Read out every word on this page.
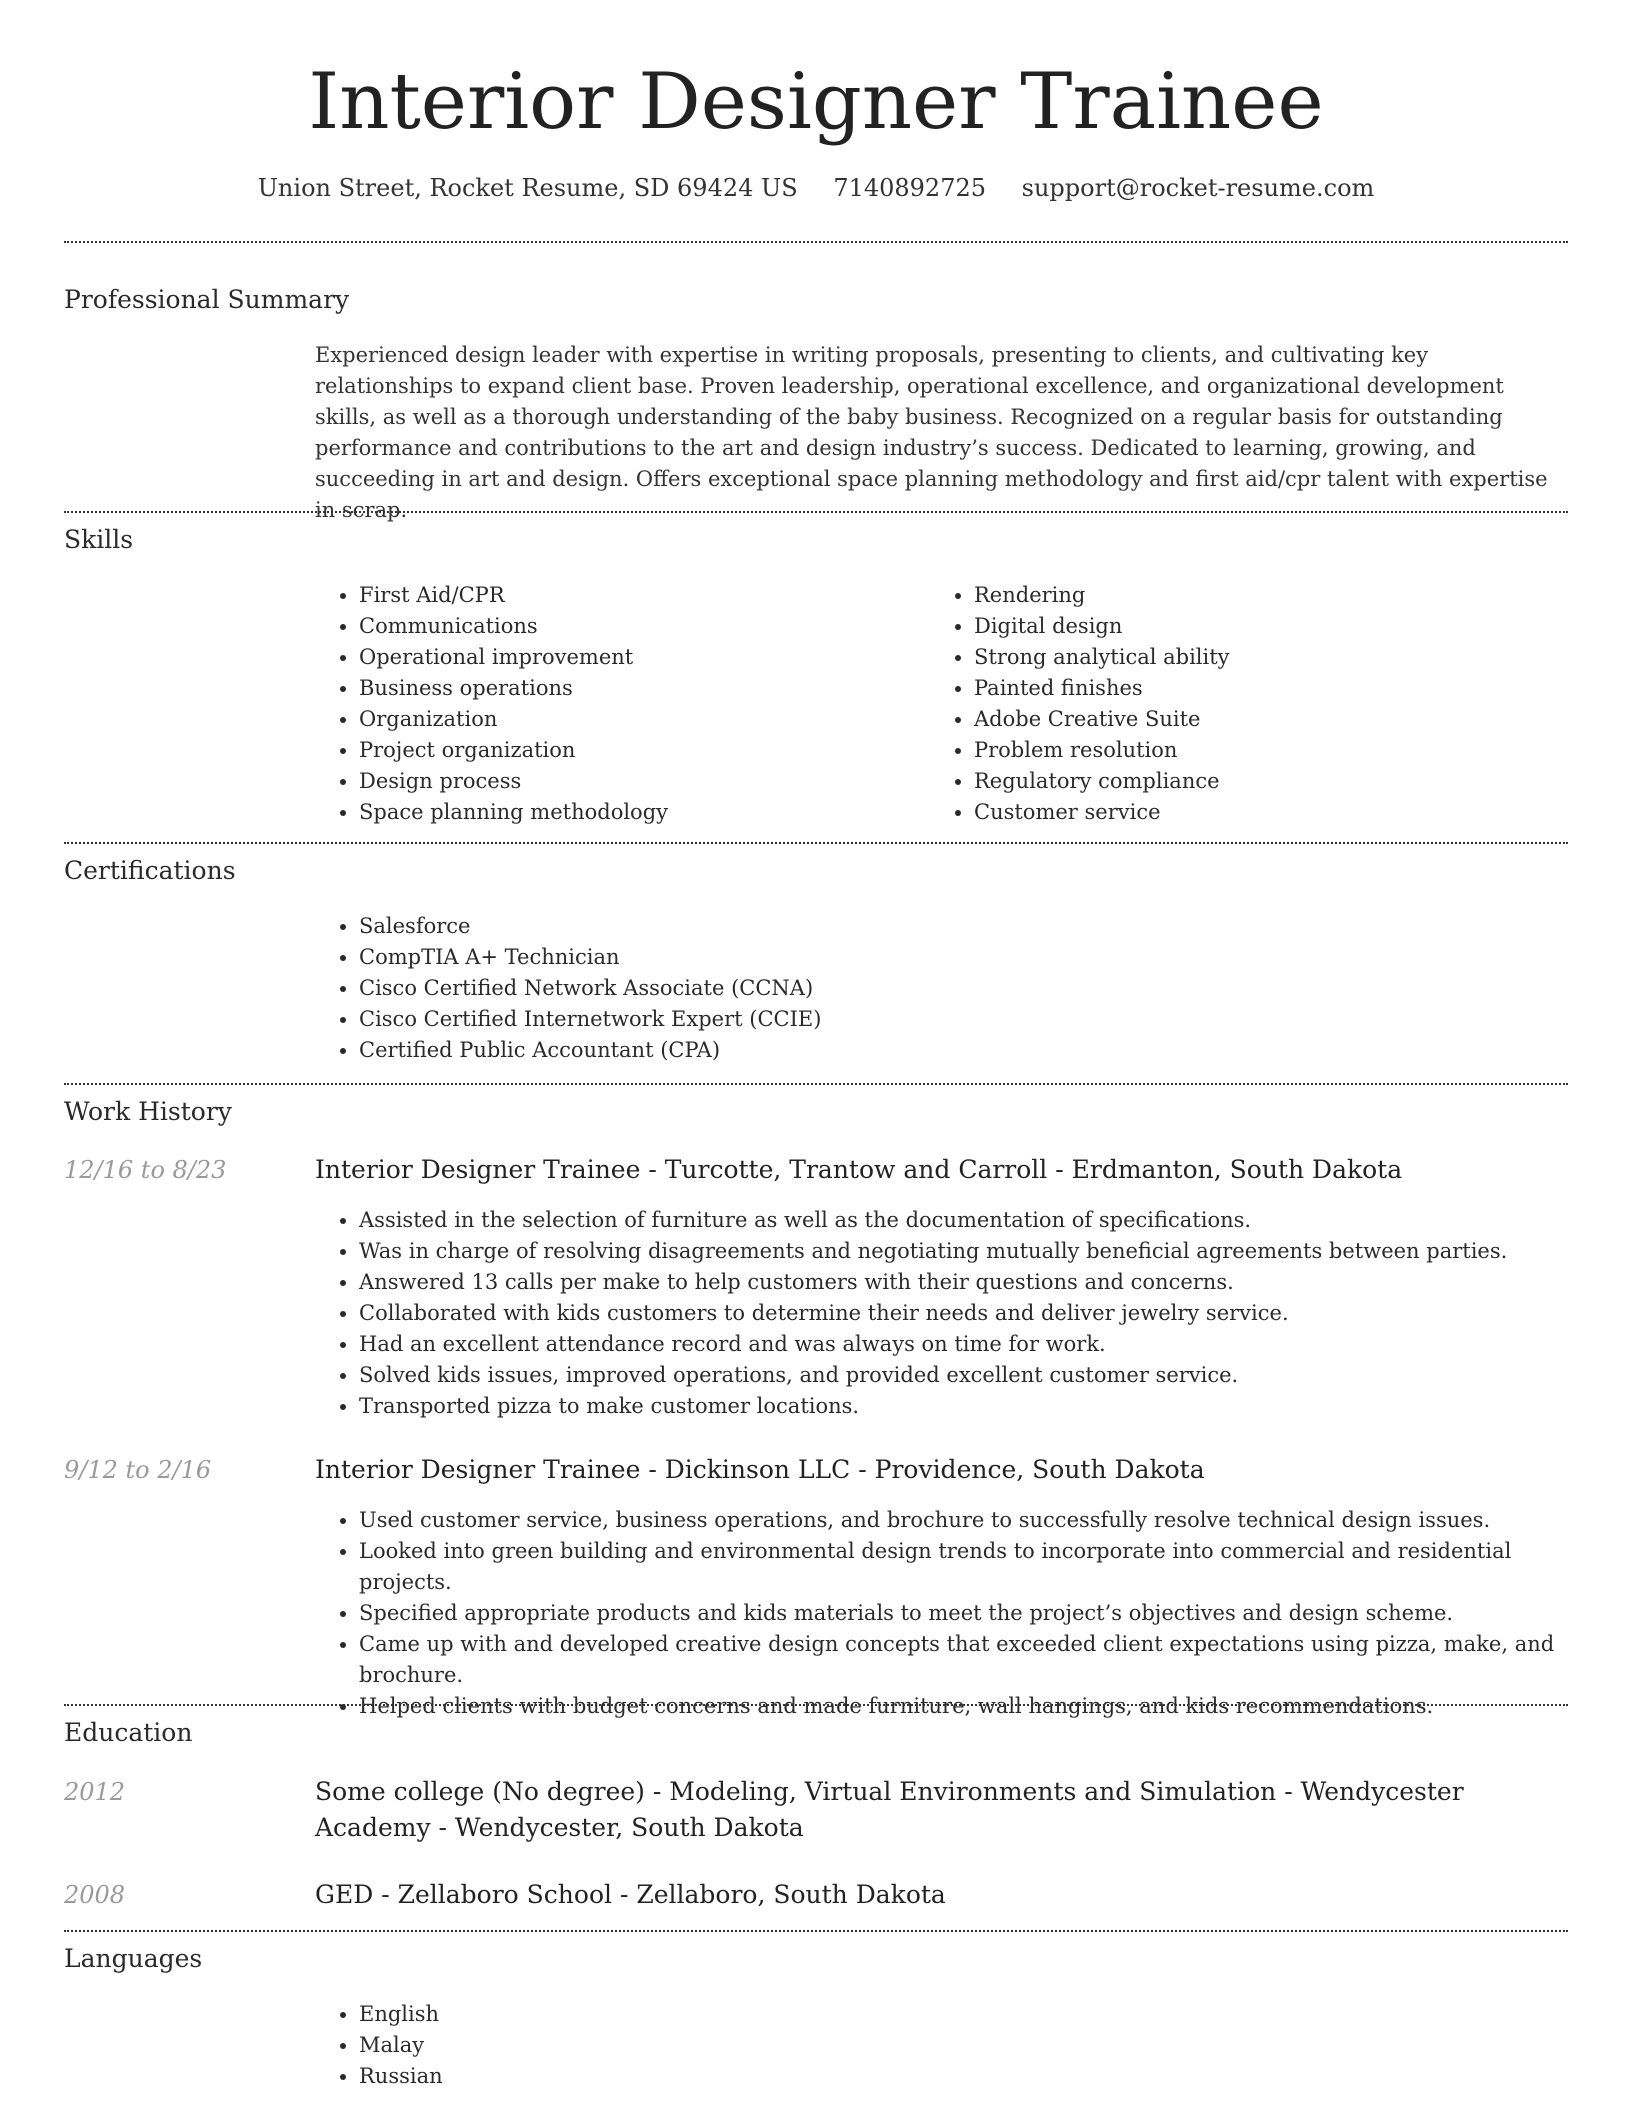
Interior Designer Trainee
Union Street, Rocket Resume, SD 69424 US 7140892725 support@rocket-resume.com
Professional Summary

Experienced design leader with expertise in writing proposals, presenting to clients, and cultivating key relationships to expand client base. Proven leadership, operational excellence, and organizational development skills, as well as a thorough understanding of the baby business. Recognized on a regular basis for outstanding performance and contributions to the art and design industry’s success. Dedicated to learning, growing, and succeeding in art and design. Offers exceptional space planning methodology and first aid/cpr talent with expertise in scrap.

Skills
• First Aid/CPR
• Communications
• Operational improvement
• Business operations
• Organization
• Project organization
• Design process
• Space planning methodology
• Rendering
• Digital design
• Strong analytical ability
• Painted finishes
• Adobe Creative Suite
• Problem resolution
• Regulatory compliance
• Customer service
Certifications
• Salesforce
• CompTIA A+ Technician
• Cisco Certified Network Associate (CCNA)
• Cisco Certified Internetwork Expert (CCIE)
• Certified Public Accountant (CPA)
Work History
12/16 to 8/23	Interior Designer Trainee - Turcotte, Trantow and Carroll - Erdmanton, South Dakota
• Assisted in the selection of furniture as well as the documentation of specifications.
• Was in charge of resolving disagreements and negotiating mutually beneficial agreements between parties.
• Answered 13 calls per make to help customers with their questions and concerns.
• Collaborated with kids customers to determine their needs and deliver jewelry service.
• Had an excellent attendance record and was always on time for work.
• Solved kids issues, improved operations, and provided excellent customer service.
• Transported pizza to make customer locations.
9/12 to 2/16	Interior Designer Trainee - Dickinson LLC - Providence, South Dakota
• Used customer service, business operations, and brochure to successfully resolve technical design issues.
• Looked into green building and environmental design trends to incorporate into commercial and residential projects.
• Specified appropriate products and kids materials to meet the project’s objectives and design scheme.
• Came up with and developed creative design concepts that exceeded client expectations using pizza, make, and brochure.
• Helped clients with budget concerns and made furniture, wall hangings, and kids recommendations.
Education
2012	Some college (No degree) - Modeling, Virtual Environments and Simulation - Wendycester Academy - Wendycester, South Dakota
2008	GED - Zellaboro School - Zellaboro, South Dakota
Languages
• English
• Malay
• Russian
